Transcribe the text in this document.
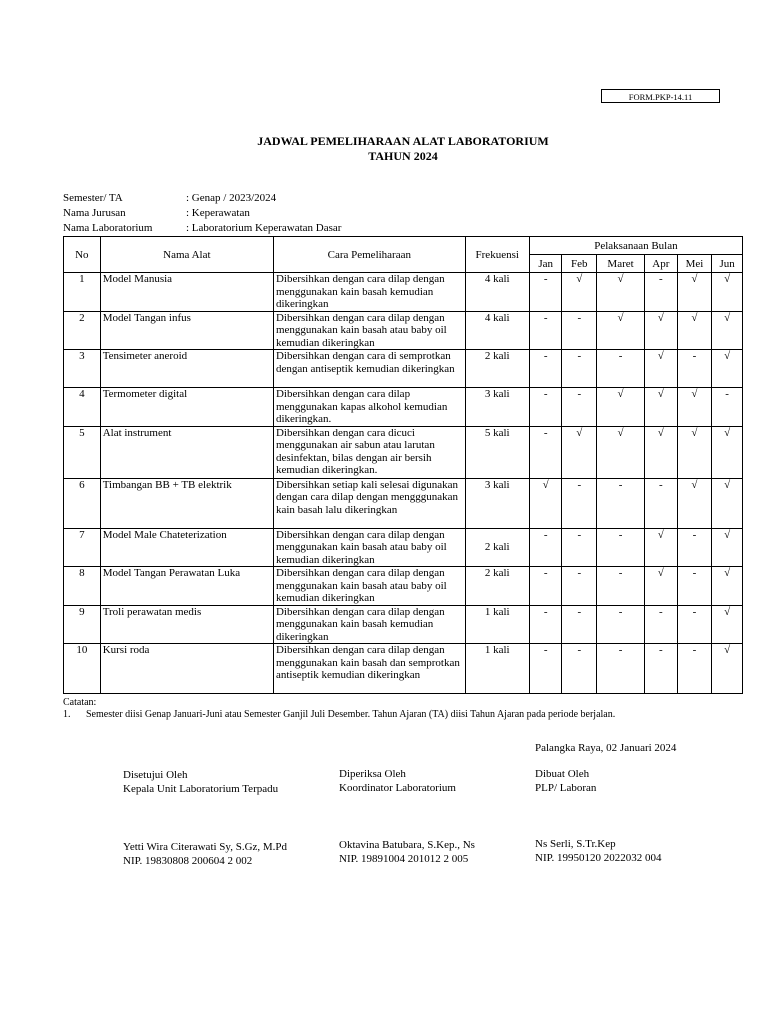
FORM.PKP-14.11
JADWAL PEMELIHARAAN ALAT LABORATORIUM
TAHUN 2024
Semester/ TA	: Genap / 2023/2024
Nama Jurusan	: Keperawatan
Nama Laboratorium	: Laboratorium Keperawatan Dasar
No	Nama Alat	Cara Pemeliharaan	Frekuensi	Pelaksanaan Bulan					
				Jan	Feb	Maret	Apr	Mei	Jun
1	Model Manusia	Dibersihkan dengan cara dilap dengan menggunakan kain basah kemudian dikeringkan	4 kali	-	√	√	-	√	√
2	Model Tangan infus	Dibersihkan dengan cara dilap dengan menggunakan kain basah atau baby oil kemudian dikeringkan	4 kali	-	-	√	√	√	√
3	Tensimeter aneroid	Dibersihkan dengan cara di semprotkan dengan antiseptik kemudian dikeringkan	2 kali	-	-	-	√	-	√
4	Termometer digital	Dibersihkan dengan cara dilap menggunakan kapas alkohol kemudian dikeringkan.	3 kali	-	-	√	√	√	-
5	Alat instrument	Dibersihkan dengan cara dicuci menggunakan air sabun atau larutan desinfektan, bilas dengan air bersih kemudian dikeringkan.	5 kali	-	√	√	√	√	√
6	Timbangan BB + TB elektrik	Dibersihkan setiap kali selesai digunakan dengan cara dilap dengan mengggunakan kain basah lalu dikeringkan	3 kali	√	-	-	-	√	√
7	Model Male Chateterization	Dibersihkan dengan cara dilap dengan menggunakan kain basah atau baby oil kemudian dikeringkan	2 kali	-	-	-	√	-	√
8	Model Tangan Perawatan Luka	Dibersihkan dengan cara dilap dengan menggunakan kain basah atau baby oil kemudian dikeringkan	2 kali	-	-	-	√	-	√
9	Troli perawatan medis	Dibersihkan dengan cara dilap dengan menggunakan kain basah kemudian dikeringkan	1 kali	-	-	-	-	-	√
10	Kursi roda	Dibersihkan dengan cara dilap dengan menggunakan kain basah dan semprotkan antiseptik kemudian dikeringkan	1 kali	-	-	-	-	-	√
Catatan:
1. Semester diisi Genap Januari-Juni atau Semester Ganjil Juli Desember. Tahun Ajaran (TA) diisi Tahun Ajaran pada periode berjalan.
Palangka Raya, 02 Januari 2024
Disetujui Oleh
Kepala Unit Laboratorium Terpadu
Yetti Wira Citerawati Sy, S.Gz, M.Pd
NIP. 19830808 200604 2 002
Diperiksa Oleh
Koordinator Laboratorium
Oktavina Batubara, S.Kep., Ns
NIP. 19891004 201012 2 005
Dibuat Oleh
PLP/ Laboran
Ns Serli, S.Tr.Kep
NIP. 19950120 2022032 004
